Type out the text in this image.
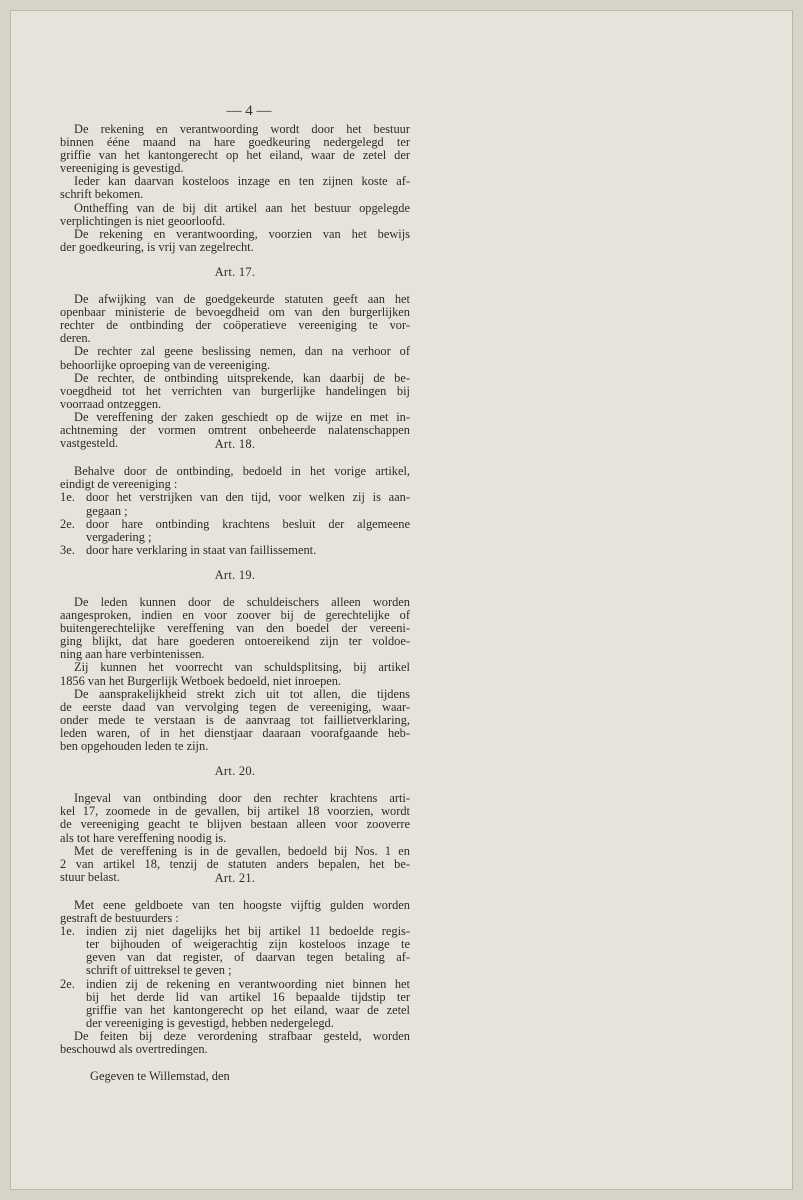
— 4 —
De rekening en verantwoording wordt door het bestuur
binnen ééne maand na hare goedkeuring nedergelegd ter
griffie van het kantongerecht op het eiland, waar de zetel der
vereeniging is gevestigd.
Ieder kan daarvan kosteloos inzage en ten zijnen koste af-
schrift bekomen.
Ontheffing van de bij dit artikel aan het bestuur opgelegde
verplichtingen is niet geoorloofd.
De rekening en verantwoording, voorzien van het bewijs
der goedkeuring, is vrij van zegelrecht.
Art. 17.
De afwijking van de goedgekeurde statuten geeft aan het
openbaar ministerie de bevoegdheid om van den burgerlijken
rechter de ontbinding der coöperatieve vereeniging te vor-
deren.
De rechter zal geene beslissing nemen, dan na verhoor of
behoorlijke oproeping van de vereeniging.
De rechter, de ontbinding uitsprekende, kan daarbij de be-
voegdheid tot het verrichten van burgerlijke handelingen bij
voorraad ontzeggen.
De vereffening der zaken geschiedt op de wijze en met in-
achtneming der vormen omtrent onbeheerde nalatenschappen
vastgesteld.	Art. 18.
Behalve door de ontbinding, bedoeld in het vorige artikel,
eindigt de vereeniging :
1e. door het verstrijken van den tijd, voor welken zij is aan-
gegaan ;
2e. door hare ontbinding krachtens besluit der algemeene
vergadering ;
3e. door hare verklaring in staat van faillissement.
Art. 19.
De leden kunnen door de schuldeischers alleen worden
aangesproken, indien en voor zoover bij de gerechtelijke of
buitengerechtelijke vereffening van den boedel der vereeni-
ging blijkt, dat hare goederen ontoereikend zijn ter voldoe-
ning aan hare verbintenissen.
Zij kunnen het voorrecht van schuldsplitsing, bij artikel
1856 van het Burgerlijk Wetboek bedoeld, niet inroepen.
De aansprakelijkheid strekt zich uit tot allen, die tijdens
de eerste daad van vervolging tegen de vereeniging, waar-
onder mede te verstaan is de aanvraag tot faillietverklaring,
leden waren, of in het dienstjaar daaraan voorafgaande heb-
ben opgehouden leden te zijn.
Art. 20.
Ingeval van ontbinding door den rechter krachtens arti-
kel 17, zoomede in de gevallen, bij artikel 18 voorzien, wordt
de vereeniging geacht te blijven bestaan alleen voor zooverre
als tot hare vereffening noodig is.
Met de vereffening is in de gevallen, bedoeld bij Nos. 1 en
2 van artikel 18, tenzij de statuten anders bepalen, het be-
stuur belast.	Art. 21.
Met eene geldboete van ten hoogste vijftig gulden worden
gestraft de bestuurders :
1e. indien zij niet dagelijks het bij artikel 11 bedoelde regis-
ter bijhouden of weigerachtig zijn kosteloos inzage te
geven van dat register, of daarvan tegen betaling af-
schrift of uittreksel te geven ;
2e. indien zij de rekening en verantwoording niet binnen het
bij het derde lid van artikel 16 bepaalde tijdstip ter
griffie van het kantongerecht op het eiland, waar de zetel
der vereeniging is gevestigd, hebben nedergelegd.
De feiten bij deze verordening strafbaar gesteld, worden
beschouwd als overtredingen.
Gegeven te Willemstad, den
